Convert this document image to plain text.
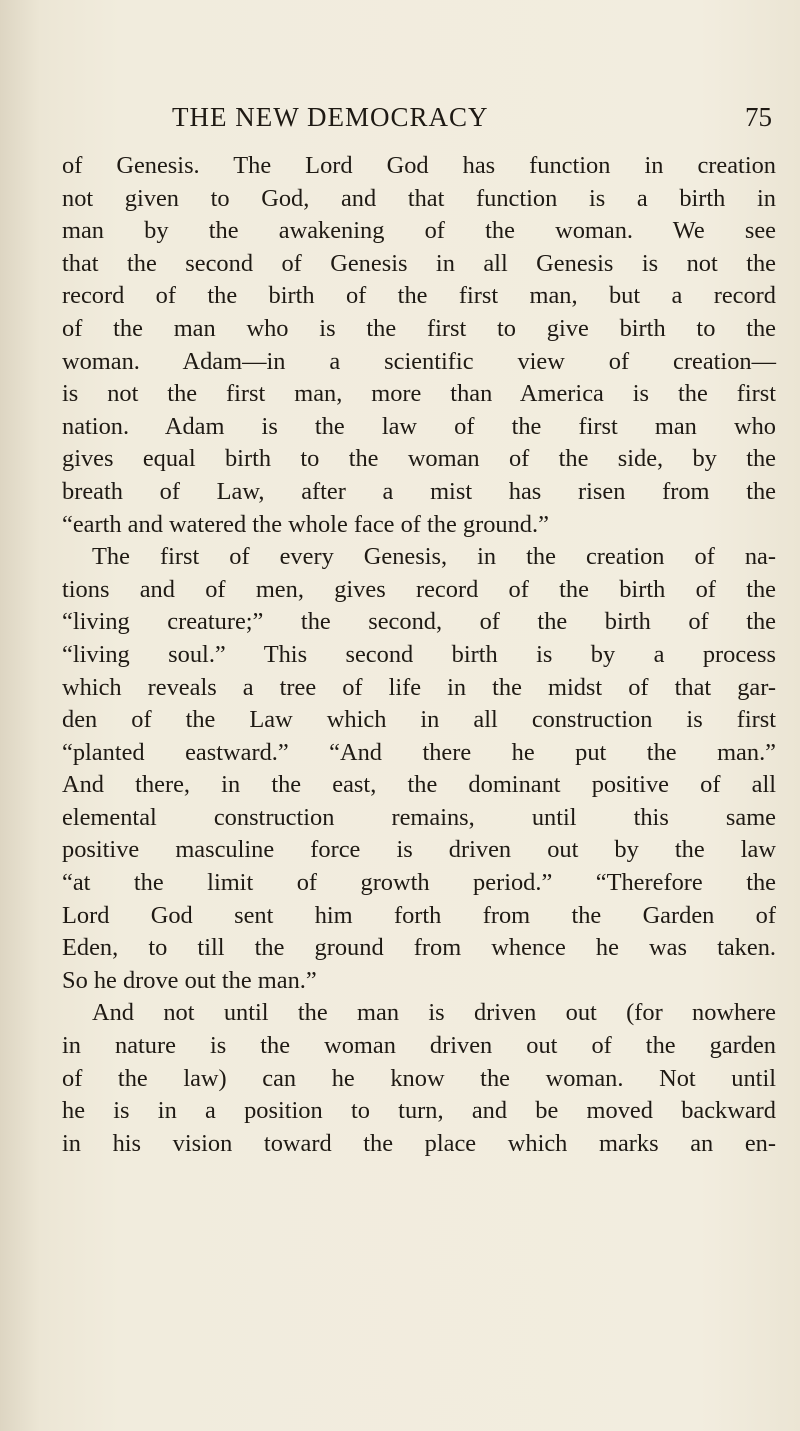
THE NEW DEMOCRACY	75
of Genesis. The Lord God has function in creation
not given to God, and that function is a birth in
man by the awakening of the woman. We see
that the second of Genesis in all Genesis is not the
record of the birth of the first man, but a record
of the man who is the first to give birth to the
woman. Adam—in a scientific view of creation—
is not the first man, more than America is the first
nation. Adam is the law of the first man who
gives equal birth to the woman of the side, by the
breath of Law, after a mist has risen from the
“earth and watered the whole face of the ground.”
The first of every Genesis, in the creation of na-
tions and of men, gives record of the birth of the
“living creature;” the second, of the birth of the
“living soul.” This second birth is by a process
which reveals a tree of life in the midst of that gar-
den of the Law which in all construction is first
“planted eastward.” “And there he put the man.”
And there, in the east, the dominant positive of all
elemental construction remains, until this same
positive masculine force is driven out by the law
“at the limit of growth period.” “Therefore the
Lord God sent him forth from the Garden of
Eden, to till the ground from whence he was taken.
So he drove out the man.”
And not until the man is driven out (for nowhere
in nature is the woman driven out of the garden
of the law) can he know the woman. Not until
he is in a position to turn, and be moved backward
in his vision toward the place which marks an en-
